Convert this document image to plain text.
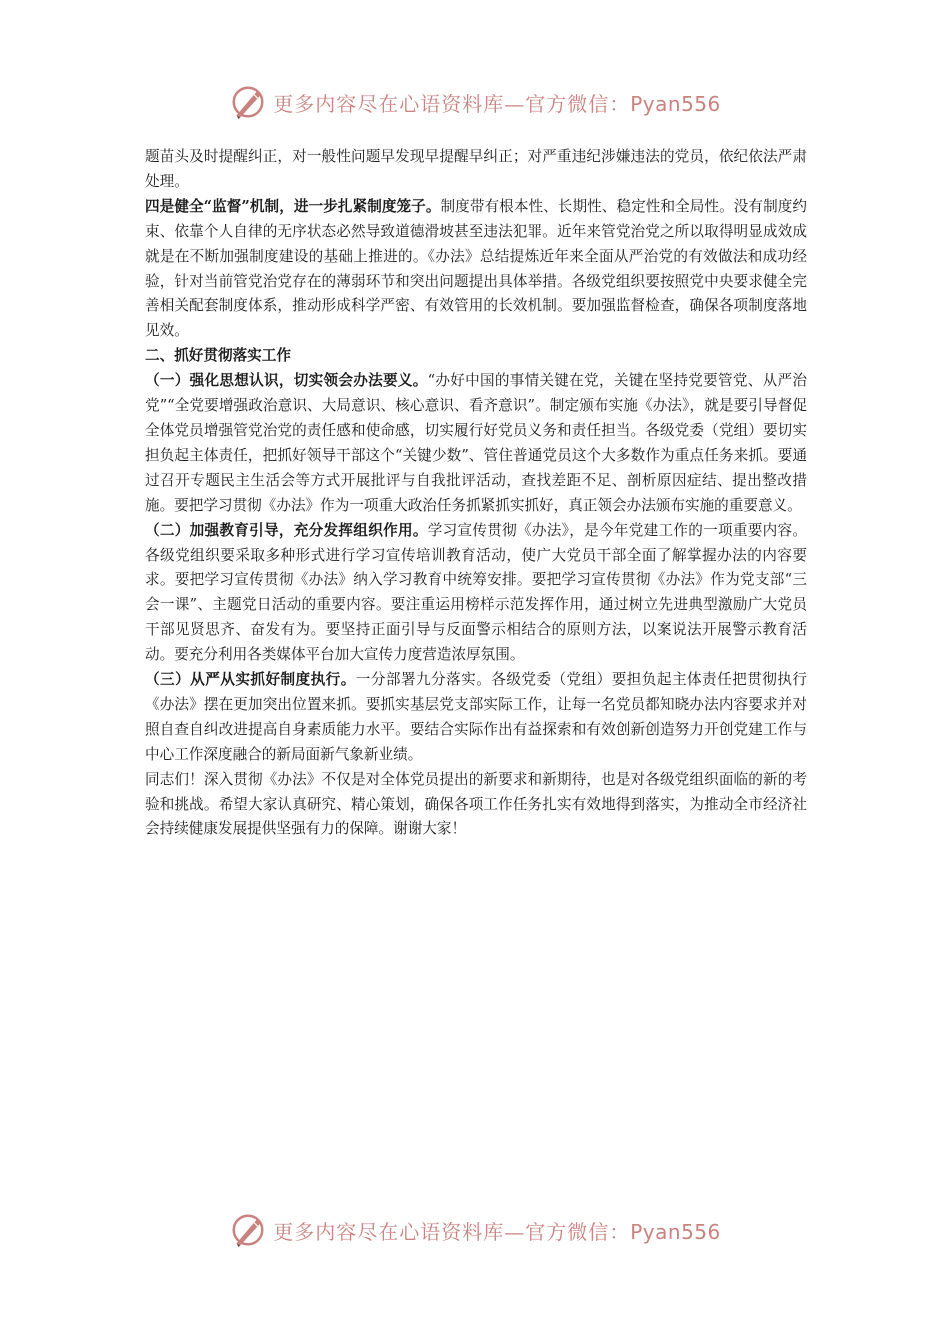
更多内容尽在心语资料库—官方微信：Pyan556

题苗头及时提醒纠正，对一般性问题早发现早提醒早纠正；对严重违纪涉嫌违法的党员，依纪依法严肃处理。

四是健全“监督”机制，进一步扎紧制度笼子。制度带有根本性、长期性、稳定性和全局性。没有制度约束、依靠个人自律的无序状态必然导致道德滑坡甚至违法犯罪。近年来管党治党之所以取得明显成效成就是在不断加强制度建设的基础上推进的。《办法》总结提炼近年来全面从严治党的有效做法和成功经验，针对当前管党治党存在的薄弱环节和突出问题提出具体举措。各级党组织要按照党中央要求健全完善相关配套制度体系，推动形成科学严密、有效管用的长效机制。要加强监督检查，确保各项制度落地见效。

二、抓好贯彻落实工作

（一）强化思想认识，切实领会办法要义。“办好中国的事情关键在党，关键在坚持党要管党、从严治党”“全党要增强政治意识、大局意识、核心意识、看齐意识”。制定颁布实施《办法》，就是要引导督促全体党员增强管党治党的责任感和使命感，切实履行好党员义务和责任担当。各级党委（党组）要切实担负起主体责任，把抓好领导干部这个“关键少数”、管住普通党员这个大多数作为重点任务来抓。要通过召开专题民主生活会等方式开展批评与自我批评活动，查找差距不足、剖析原因症结、提出整改措施。要把学习贯彻《办法》作为一项重大政治任务抓紧抓实抓好，真正领会办法颁布实施的重要意义。

（二）加强教育引导，充分发挥组织作用。学习宣传贯彻《办法》，是今年党建工作的一项重要内容。各级党组织要采取多种形式进行学习宣传培训教育活动，使广大党员干部全面了解掌握办法的内容要求。要把学习宣传贯彻《办法》纳入学习教育中统筹安排。要把学习宣传贯彻《办法》作为党支部“三会一课”、主题党日活动的重要内容。要注重运用榜样示范发挥作用，通过树立先进典型激励广大党员干部见贤思齐、奋发有为。要坚持正面引导与反面警示相结合的原则方法，以案说法开展警示教育活动。要充分利用各类媒体平台加大宣传力度营造浓厚氛围。

（三）从严从实抓好制度执行。一分部署九分落实。各级党委（党组）要担负起主体责任把贯彻执行《办法》摆在更加突出位置来抓。要抓实基层党支部实际工作，让每一名党员都知晓办法内容要求并对照自查自纠改进提高自身素质能力水平。要结合实际作出有益探索和有效创新创造努力开创党建工作与中心工作深度融合的新局面新气象新业绩。

同志们！深入贯彻《办法》不仅是对全体党员提出的新要求和新期待，也是对各级党组织面临的新的考验和挑战。希望大家认真研究、精心策划，确保各项工作任务扎实有效地得到落实，为推动全市经济社会持续健康发展提供坚强有力的保障。谢谢大家！

更多内容尽在心语资料库—官方微信：Pyan556
